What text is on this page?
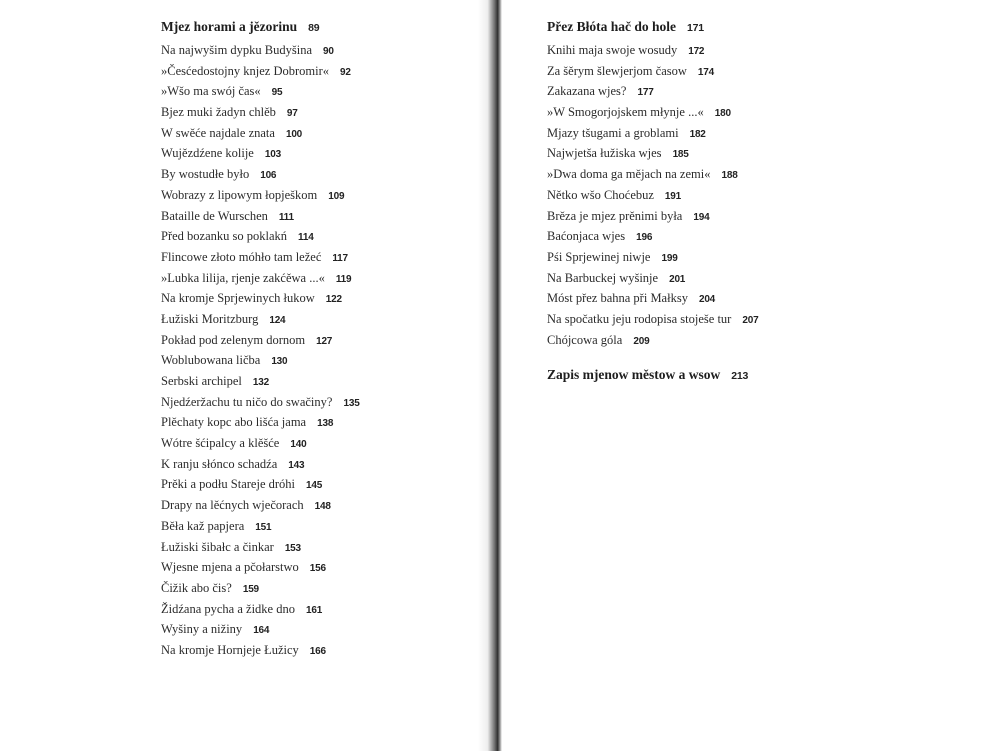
Mjez horami a jězorinu 89
Na najwyšim dypku Budyšina 90
»Česćedostojny knjez Dobromir« 92
»Wšo ma swój čas« 95
Bjez muki žadyn chlěb 97
W swěće najdale znata 100
Wujězdźene kolije 103
By wostudłe było 106
Wobrazy z lipowym łopješkom 109
Bataille de Wurschen 111
Před bozanku so poklakń 114
Flincowe złoto móhło tam ležeć 117
»Lubka lilija, rjenje zakćěwa ...« 119
Na kromje Sprjewinych łukow 122
Łužiski Moritzburg 124
Pokład pod zelenym dornom 127
Woblubowana ličba 130
Serbski archipel 132
Njedźeržachu tu ničo do swačiny? 135
Plěchaty kopc abo lišća jama 138
Wótre šćipalcy a klěšće 140
K ranju słónco schadźa 143
Prěki a podłu Stareje dróhi 145
Drapy na lěćnych wječorach 148
Běła kaž papjera 151
Łužiski šibałc a činkar 153
Wjesne mjena a pčołarstwo 156
Čižik abo čis? 159
Židźana pycha a židke dno 161
Wyšiny a nižiny 164
Na kromje Hornjeje Łužicy 166
Přez Błóta hač do hole 171
Knihi maja swoje wosudy 172
Za šěrym šlewjerjom časow 174
Zakazana wjes? 177
»W Smogorjojskem młynje ...« 180
Mjazy tšugami a groblami 182
Najwjetša łužiska wjes 185
»Dwa doma ga mějach na zemi« 188
Nětko wšo Choćebuz 191
Brěza je mjez prěnimi była 194
Baćonjaca wjes 196
Pśi Sprjewinej niwje 199
Na Barbuckej wyšinje 201
Móst přez bahna při Małksy 204
Na spočatku jeju rodopisa stoješe tur 207
Chójcowa góla 209
Zapis mjenow městow a wsow 213
